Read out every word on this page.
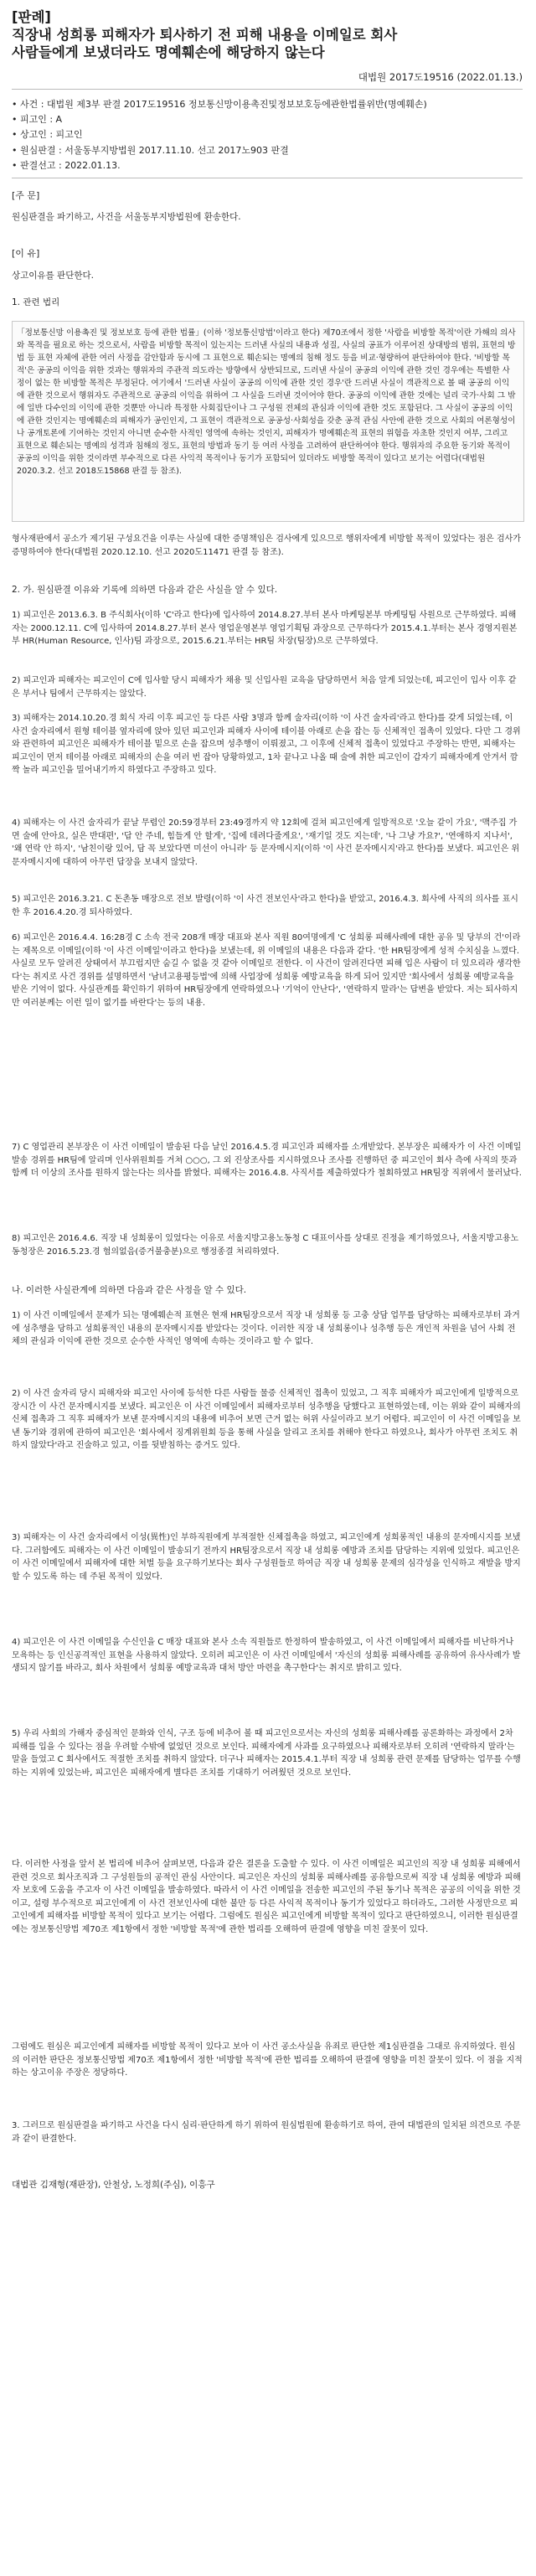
[판례]
직장내 성희롱 피해자가 퇴사하기 전 피해 내용을 이메일로 회사
사람들에게 보냈더라도 명예훼손에 해당하지 않는다
대법원 2017도19516 (2022.01.13.)
• 사건 : 대법원 제3부 판결 2017도19516 정보통신망이용촉진및정보보호등에관한법률위반(명예훼손)
• 피고인 : A
• 상고인 : 피고인
• 원심판결 : 서울동부지방법원 2017.11.10. 선고 2017노903 판결
• 판결선고 : 2022.01.13.
[주 문]
원심판결을 파기하고, 사건을 서울동부지방법원에 환송한다.
[이 유]
상고이유를 판단한다.
1. 관련 법리
「정보통신망 이용촉진 및 정보보호 등에 관한 법률」(이하 '정보통신망법'이라고 한다) 제70조에서 정한 '사람을 비방할 목적'이란 가해의 의사와 목적을 필요로 하는 것으로서, 사람을 비방할 목적이 있는지는 드러낸 사실의 내용과 성질, 사실의 공표가 이루어진 상대방의 범위, 표현의 방법 등 표현 자체에 관한 여러 사정을 감안함과 동시에 그 표현으로 훼손되는 명예의 침해 정도 등을 비교·형량하여 판단하여야 한다. '비방할 목적'은 공공의 이익을 위한 것과는 행위자의 주관적 의도라는 방향에서 상반되므로, 드러낸 사실이 공공의 이익에 관한 것인 경우에는 특별한 사정이 없는 한 비방할 목적은 부정된다. 여기에서 '드러낸 사실이 공공의 이익에 관한 것인 경우'란 드러낸 사실이 객관적으로 볼 때 공공의 이익에 관한 것으로서 행위자도 주관적으로 공공의 이익을 위하여 그 사실을 드러낸 것이어야 한다. 공공의 이익에 관한 것에는 널리 국가·사회 그 밖에 일반 다수인의 이익에 관한 것뿐만 아니라 특정한 사회집단이나 그 구성원 전체의 관심과 이익에 관한 것도 포함된다. 그 사실이 공공의 이익에 관한 것인지는 명예훼손의 피해자가 공인인지, 그 표현이 객관적으로 공공성·사회성을 갖춘 공적 관심 사안에 관한 것으로 사회의 여론형성이나 공개토론에 기여하는 것인지 아니면 순수한 사적인 영역에 속하는 것인지, 피해자가 명예훼손적 표현의 위험을 자초한 것인지 여부, 그리고 표현으로 훼손되는 명예의 성격과 침해의 정도, 표현의 방법과 동기 등 여러 사정을 고려하여 판단하여야 한다. 행위자의 주요한 동기와 목적이 공공의 이익을 위한 것이라면 부수적으로 다른 사익적 목적이나 동기가 포함되어 있더라도 비방할 목적이 있다고 보기는 어렵다(대법원 2020.3.2. 선고 2018도15868 판결 등 참조).
형사재판에서 공소가 제기된 구성요건을 이루는 사실에 대한 증명책임은 검사에게 있으므로 행위자에게 비방할 목적이 있었다는 점은 검사가 증명하여야 한다(대법원 2020.12.10. 선고 2020도11471 판결 등 참조).
2. 가. 원심판결 이유와 기록에 의하면 다음과 같은 사실을 알 수 있다.
1) 피고인은 2013.6.3. B 주식회사(이하 'C'라고 한다)에 입사하여 2014.8.27.부터 본사 마케팅본부 마케팅팀 사원으로 근무하였다. 피해자는 2000.12.11. C에 입사하여 2014.8.27.부터 본사 영업운영본부 영업기획팀 과장으로 근무하다가 2015.4.1.부터는 본사 경영지원본부 HR(Human Resource, 인사)팀 과장으로, 2015.6.21.부터는 HR팀 차장(팀장)으로 근무하였다.
2) 피고인과 피해자는 피고인이 C에 입사할 당시 피해자가 채용 및 신입사원 교육을 담당하면서 처음 알게 되었는데, 피고인이 입사 이후 같은 부서나 팀에서 근무하지는 않았다.
3) 피해자는 2014.10.20.경 회식 자리 이후 피고인 등 다른 사람 3명과 함께 술자리(이하 '이 사건 술자리'라고 한다)를 갖게 되었는데, 이 사건 술자리에서 원형 테이블 옆자리에 앉아 있던 피고인과 피해자 사이에 테이블 아래로 손을 잡는 등 신체적인 접촉이 있었다. 다만 그 경위와 관련하여 피고인은 피해자가 테이블 밑으로 손을 잡으며 성추행이 이뤄졌고, 그 이후에 신체적 접촉이 있었다고 주장하는 반면, 피해자는 피고인이 먼저 테이블 아래로 피해자의 손을 여러 번 잡아 당황하였고, 1차 끝나고 나올 때 술에 취한 피고인이 갑자기 피해자에게 안겨서 깜짝 놀라 피고인을 밀어내기까지 하였다고 주장하고 있다.
4) 피해자는 이 사건 술자리가 끝날 무렵인 20:59경부터 23:49경까지 약 12회에 걸쳐 피고인에게 일방적으로 '오늘 같이 가요', '맥주집 가면 술에 안아요, 실은 반대편', '답 안 주네, 힘들게 안 할게', '집에 데려다줄게요', '재기일 것도 지는데', '나 그냥 가요?', '연애하지 지나서', '왜 연락 안 하지', '남친이랑 있어, 담 꼭 보았다면 미선이 아니라' 등 문자메시지(이하 '이 사건 문자메시지'라고 한다)를 보냈다. 피고인은 위 문자메시지에 대하여 아무런 답장을 보내지 않았다.
5) 피고인은 2016.3.21. C 돈촌동 매장으로 전보 발령(이하 '이 사건 전보인사'라고 한다)을 받았고, 2016.4.3. 회사에 사직의 의사를 표시한 후 2016.4.20.경 퇴사하였다.
6) 피고인은 2016.4.4. 16:28경 C 소속 전국 208개 매장 대표와 본사 직원 80여명에게 'C 성희롱 피해사례에 대한 공유 및 당부의 건'이라는 제목으로 이메일(이하 '이 사건 이메일'이라고 한다)을 보냈는데, 위 이메일의 내용은 다음과 같다. '한 HR팀장에게 성적 수치심을 느꼈다. 사실로 모두 알려진 상태여서 부끄럽지만 숨길 수 없을 것 같아 이메일로 전한다. 이 사건이 알려진다면 피해 입은 사람이 더 있으리라 생각한다'는 취지로 사건 경위를 설명하면서 '남녀고용평등법'에 의해 사업장에 성희롱 예방교육을 하게 되어 있지만 '회사에서 성희롱 예방교육을 받은 기억이 없다. 사실관계를 확인하기 위하여 HR팀장에게 연락하였으나 '기억이 안난다', '연락하지 말라'는 답변을 받았다. 저는 퇴사하지만 여러분께는 이런 일이 없기를 바란다'는 등의 내용.
7) C 영업관리 본부장은 이 사건 이메일이 발송된 다음 날인 2016.4.5.경 피고인과 피해자를 소개받았다. 본부장은 피해자가 이 사건 이메일 발송 경위를 HR팀에 알리며 인사위원회를 거쳐 ○○○, 그 외 진상조사를 지시하였으나 조사를 진행하던 중 피고인이 회사 측에 사직의 뜻과 함께 더 이상의 조사를 원하지 않는다는 의사를 밝혔다. 피해자는 2016.4.8. 사직서를 제출하였다가 철회하였고 HR팀장 직위에서 물러났다.
8) 피고인은 2016.4.6. 직장 내 성희롱이 있었다는 이유로 서울지방고용노동청 C 대표이사를 상대로 진정을 제기하였으나, 서울지방고용노동청장은 2016.5.23.경 혐의없음(증거불충분)으로 행정종결 처리하였다.
나. 이러한 사실관계에 의하면 다음과 같은 사정을 알 수 있다.
1) 이 사건 이메일에서 문제가 되는 명예훼손적 표현은 현재 HR팀장으로서 직장 내 성희롱 등 고충 상담 업무를 담당하는 피해자로부터 과거에 성추행을 당하고 성희롱적인 내용의 문자메시지를 받았다는 것이다. 이러한 직장 내 성희롱이나 성추행 등은 개인적 차원을 넘어 사회 전체의 관심과 이익에 관한 것으로 순수한 사적인 영역에 속하는 것이라고 할 수 없다.
2) 이 사건 술자리 당시 피해자와 피고인 사이에 등석한 다른 사람들 물증 신체적인 접촉이 있었고, 그 직후 피해자가 피고인에게 일방적으로 장시간 이 사건 문자메시지를 보냈다. 피고인은 이 사건 이메일에서 피해자로부터 성추행을 당했다고 표현하였는데, 이는 위와 같이 피해자의 신체 접촉과 그 직후 피해자가 보낸 문자메시지의 내용에 비추어 보면 근거 없는 허위 사실이라고 보기 어렵다. 피고인이 이 사건 이메일을 보낸 동기와 경위에 관하여 피고인은 '회사에서 징계위원회 등을 통해 사실을 알리고 조치를 취해야 한다고 하였으나, 회사가 아무런 조치도 취하지 않았다'라고 진술하고 있고, 이를 뒷받침하는 증거도 있다.
3) 피해자는 이 사건 술자리에서 이성(異性)인 부하직원에게 부적절한 신체접촉을 하였고, 피고인에게 성희롱적인 내용의 문자메시지를 보냈다. 그러함에도 피해자는 이 사건 이메일이 발송되기 전까지 HR팀장으로서 직장 내 성희롱 예방과 조치를 담당하는 지위에 있었다. 피고인은 이 사건 이메일에서 피해자에 대한 처벌 등을 요구하기보다는 회사 구성원들로 하여금 직장 내 성희롱 문제의 심각성을 인식하고 재발을 방지할 수 있도록 하는 데 주된 목적이 있었다.
4) 피고인은 이 사건 이메일을 수신인을 C 매장 대표와 본사 소속 직원들로 한정하여 발송하였고, 이 사건 이메일에서 피해자를 비난하거나 모욕하는 등 인신공격적인 표현을 사용하지 않았다. 오히려 피고인은 이 사건 이메일에서 '자신의 성희롱 피해사례를 공유하여 유사사례가 발생되지 않기를 바라고, 회사 차원에서 성희롱 예방교육과 대처 방안 마련을 촉구한다'는 취지로 밝히고 있다.
5) 우리 사회의 가해자 중심적인 문화와 인식, 구조 등에 비추어 볼 때 피고인으로서는 자신의 성희롱 피해사례를 공론화하는 과정에서 2차 피해를 입을 수 있다는 점을 우려할 수밖에 없었던 것으로 보인다. 피해자에게 사과를 요구하였으나 피해자로부터 오히려 '연락하지 말라'는 말을 들었고 C 회사에서도 적절한 조치를 취하지 않았다. 더구나 피해자는 2015.4.1.부터 직장 내 성희롱 관련 문제를 담당하는 업무를 수행하는 지위에 있었는바, 피고인은 피해자에게 별다른 조치를 기대하기 어려웠던 것으로 보인다.
다. 이러한 사정을 앞서 본 법리에 비추어 살펴보면, 다음과 같은 결론을 도출할 수 있다. 이 사건 이메일은 피고인의 직장 내 성희롱 피해에서 관련 것으로 회사조직과 그 구성원들의 공적인 관심 사안이다. 피고인은 자신의 성희롱 피해사례를 공유함으로써 직장 내 성희롱 예방과 피해자 보호에 도움을 주고자 이 사건 이메일을 발송하였다. 따라서 이 사건 이메일을 전송한 피고인의 주된 동기나 목적은 공공의 이익을 위한 것이고, 설령 부수적으로 피고인에게 이 사건 전보인사에 대한 불만 등 다른 사익적 목적이나 동기가 있었다고 하더라도, 그러한 사정만으로 피고인에게 피해자를 비방할 목적이 있다고 보기는 어렵다. 그럼에도 원심은 피고인에게 비방할 목적이 있다고 판단하였으니, 이러한 원심판결에는 정보통신망법 제70조 제1항에서 정한 '비방할 목적'에 관한 법리를 오해하여 판결에 영향을 미친 잘못이 있다.
그럼에도 원심은 피고인에게 피해자를 비방할 목적이 있다고 보아 이 사건 공소사실을 유죄로 판단한 제1심판결을 그대로 유지하였다. 원심의 이러한 판단은 정보통신망법 제70조 제1항에서 정한 '비방할 목적'에 관한 법리를 오해하여 판결에 영향을 미친 잘못이 있다. 이 점을 지적하는 상고이유 주장은 정당하다.
3. 그러므로 원심판결을 파기하고 사건을 다시 심리·판단하게 하기 위하여 원심법원에 환송하기로 하여, 관여 대법관의 일치된 의견으로 주문과 같이 판결한다.
대법관 김재형(재판장), 안철상, 노정희(주심), 이흥구
